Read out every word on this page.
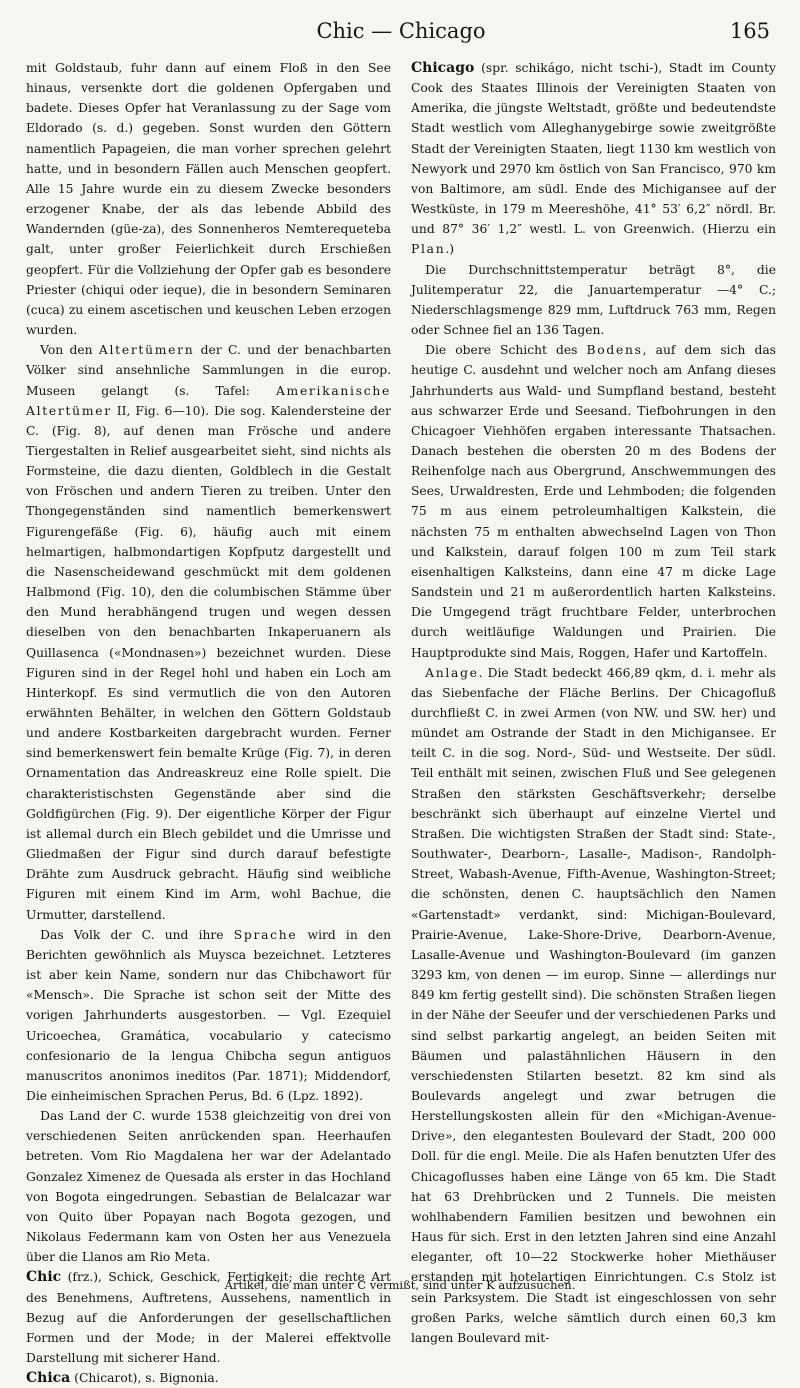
Chic — Chicago	165

mit Goldstaub, fuhr dann auf einem Floß in den See hinaus, versenkte dort die goldenen Opfergaben und badete. Dieses Opfer hat Veranlassung zu der Sage vom Eldorado (s. d.) gegeben. Sonst wurden den Göttern namentlich Papageien, die man vorher sprechen gelehrt hatte, und in besondern Fällen auch Menschen geopfert. Alle 15 Jahre wurde ein zu diesem Zwecke besonders erzogener Knabe, der als das lebende Abbild des Wandernden (güe-za), des Sonnenheros Nemterequeteba galt, unter großer Feierlichkeit durch Erschießen geopfert. Für die Vollziehung der Opfer gab es besondere Priester (chiqui oder ieque), die in besondern Seminaren (cuca) zu einem ascetischen und keuschen Leben erzogen wurden.

Von den Altertümern der C. und der benachbarten Völker sind ansehnliche Sammlungen in die europ. Museen gelangt (s. Tafel: Amerikanische Altertümer II, Fig. 6—10). Die sog. Kalendersteine der C. (Fig. 8), auf denen man Frösche und andere Tiergestalten in Relief ausgearbeitet sieht, sind nichts als Formsteine, die dazu dienten, Goldblech in die Gestalt von Fröschen und andern Tieren zu treiben. Unter den Thongegenständen sind namentlich bemerkenswert Figurengefäße (Fig. 6), häufig auch mit einem helmartigen, halbmondartigen Kopfputz dargestellt und die Nasenscheidewand geschmückt mit dem goldenen Halbmond (Fig. 10), den die columbischen Stämme über den Mund herabhängend trugen und wegen dessen dieselben von den benachbarten Inkaperuanern als Quillasenca («Mondnasen») bezeichnet wurden. Diese Figuren sind in der Regel hohl und haben ein Loch am Hinterkopf. Es sind vermutlich die von den Autoren erwähnten Behälter, in welchen den Göttern Goldstaub und andere Kostbarkeiten dargebracht wurden. Ferner sind bemerkenswert fein bemalte Krüge (Fig. 7), in deren Ornamentation das Andreaskreuz eine Rolle spielt. Die charakteristischsten Gegenstände aber sind die Goldfigürchen (Fig. 9). Der eigentliche Körper der Figur ist allemal durch ein Blech gebildet und die Umrisse und Gliedmaßen der Figur sind durch darauf befestigte Drähte zum Ausdruck gebracht. Häufig sind weibliche Figuren mit einem Kind im Arm, wohl Bachue, die Urmutter, darstellend.

Das Volk der C. und ihre Sprache wird in den Berichten gewöhnlich als Muysca bezeichnet. Letzteres ist aber kein Name, sondern nur das Chibchawort für «Mensch». Die Sprache ist schon seit der Mitte des vorigen Jahrhunderts ausgestorben. — Vgl. Ezequiel Uricoechea, Gramática, vocabulario y catecismo confesionario de la lengua Chibcha segun antiguos manuscritos anonimos ineditos (Par. 1871); Middendorf, Die einheimischen Sprachen Perus, Bd. 6 (Lpz. 1892).

Das Land der C. wurde 1538 gleichzeitig von drei von verschiedenen Seiten anrückenden span. Heerhaufen betreten. Vom Rio Magdalena her war der Adelantado Gonzalez Ximenez de Quesada als erster in das Hochland von Bogota eingedrungen. Sebastian de Belalcazar war von Quito über Popayan nach Bogota gezogen, und Nikolaus Federmann kam von Osten her aus Venezuela über die Llanos am Rio Meta.

Chic (frz.), Schick, Geschick, Fertigkeit; die rechte Art des Benehmens, Auftretens, Aussehens, namentlich in Bezug auf die Anforderungen der gesellschaftlichen Formen und der Mode; in der Malerei effektvolle Darstellung mit sicherer Hand.

Chica (Chicarot), s. Bignonia.

Chicago (spr. schikágo, nicht tschi-), Stadt im County Cook des Staates Illinois der Vereinigten Staaten von Amerika, die jüngste Weltstadt, größte und bedeutendste Stadt westlich vom Alleghanygebirge sowie zweitgrößte Stadt der Vereinigten Staaten, liegt 1130 km westlich von Newyork und 2970 km östlich von San Francisco, 970 km von Baltimore, am südl. Ende des Michigansee auf der Westküste, in 179 m Meereshöhe, 41° 53′ 6,2″ nördl. Br. und 87° 36′ 1,2″ westl. L. von Greenwich. (Hierzu ein Plan.)

Die Durchschnittstemperatur beträgt 8°, die Julitemperatur 22, die Januartemperatur —4° C.; Niederschlagsmenge 829 mm, Luftdruck 763 mm, Regen oder Schnee fiel an 136 Tagen.

Die obere Schicht des Bodens, auf dem sich das heutige C. ausdehnt und welcher noch am Anfang dieses Jahrhunderts aus Wald- und Sumpfland bestand, besteht aus schwarzer Erde und Seesand. Tiefbohrungen in den Chicagoer Viehhöfen ergaben interessante Thatsachen. Danach bestehen die obersten 20 m des Bodens der Reihenfolge nach aus Obergrund, Anschwemmungen des Sees, Urwaldresten, Erde und Lehmboden; die folgenden 75 m aus einem petroleumhaltigen Kalkstein, die nächsten 75 m enthalten abwechselnd Lagen von Thon und Kalkstein, darauf folgen 100 m zum Teil stark eisenhaltigen Kalksteins, dann eine 47 m dicke Lage Sandstein und 21 m außerordentlich harten Kalksteins. Die Umgegend trägt fruchtbare Felder, unterbrochen durch weitläufige Waldungen und Prairien. Die Hauptprodukte sind Mais, Roggen, Hafer und Kartoffeln.

Anlage. Die Stadt bedeckt 466,89 qkm, d. i. mehr als das Siebenfache der Fläche Berlins. Der Chicagofluß durchfließt C. in zwei Armen (von NW. und SW. her) und mündet am Ostrande der Stadt in den Michigansee. Er teilt C. in die sog. Nord-, Süd- und Westseite. Der südl. Teil enthält mit seinen, zwischen Fluß und See gelegenen Straßen den stärksten Geschäftsverkehr; derselbe beschränkt sich überhaupt auf einzelne Viertel und Straßen. Die wichtigsten Straßen der Stadt sind: State-, Southwater-, Dearborn-, Lasalle-, Madison-, Randolph-Street, Wabash-Avenue, Fifth-Avenue, Washington-Street; die schönsten, denen C. hauptsächlich den Namen «Gartenstadt» verdankt, sind: Michigan-Boulevard, Prairie-Avenue, Lake-Shore-Drive, Dearborn-Avenue, Lasalle-Avenue und Washington-Boulevard (im ganzen 3293 km, von denen — im europ. Sinne — allerdings nur 849 km fertig gestellt sind). Die schönsten Straßen liegen in der Nähe der Seeufer und der verschiedenen Parks und sind selbst parkartig angelegt, an beiden Seiten mit Bäumen und palastähnlichen Häusern in den verschiedensten Stilarten besetzt. 82 km sind als Boulevards angelegt und zwar betrugen die Herstellungskosten allein für den «Michigan-Avenue-Drive», den elegantesten Boulevard der Stadt, 200 000 Doll. für die engl. Meile. Die als Hafen benutzten Ufer des Chicagoflusses haben eine Länge von 65 km. Die Stadt hat 63 Drehbrücken und 2 Tunnels. Die meisten wohlhabendern Familien besitzen und bewohnen ein Haus für sich. Erst in den letzten Jahren sind eine Anzahl eleganter, oft 10—22 Stockwerke hoher Miethäuser erstanden mit hotelartigen Einrichtungen. C.s Stolz ist sein Parksystem. Die Stadt ist eingeschlossen von sehr großen Parks, welche sämtlich durch einen 60,3 km langen Boulevard mit-

Artikel, die man unter C vermißt, sind unter K aufzusuchen.
